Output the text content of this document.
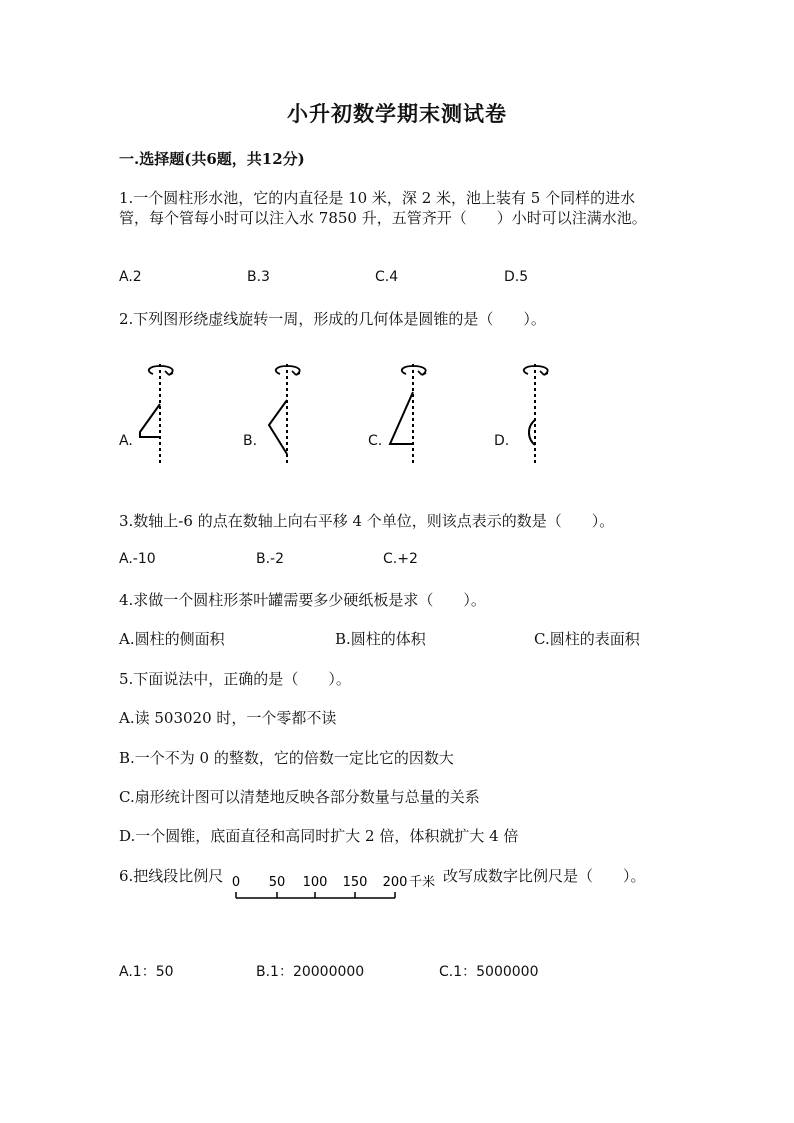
小升初数学期末测试卷
一.选择题(共6题，共12分)
1.一个圆柱形水池，它的内直径是 10 米，深 2 米，池上装有 5 个同样的进水
管，每个管每小时可以注入水 7850 升，五管齐开（　　）小时可以注满水池。
A.2	B.3	C.4	D.5
2.下列图形绕虚线旋转一周，形成的几何体是圆锥的是（　　）。
A.	B.	C.	D.
3.数轴上-6 的点在数轴上向右平移 4 个单位，则该点表示的数是（　　）。
A.-10	B.-2	C.+2
4.求做一个圆柱形茶叶罐需要多少硬纸板是求（　　）。
A.圆柱的侧面积	B.圆柱的体积	C.圆柱的表面积
5.下面说法中，正确的是（　　）。
A.读 503020 时，一个零都不读
B.一个不为 0 的整数，它的倍数一定比它的因数大
C.扇形统计图可以清楚地反映各部分数量与总量的关系
D.一个圆锥，底面直径和高同时扩大 2 倍，体积就扩大 4 倍
6.把线段比例尺 0 50 100 150 200 千米 改写成数字比例尺是（　　）。
A.1：50	B.1：20000000	C.1：5000000
